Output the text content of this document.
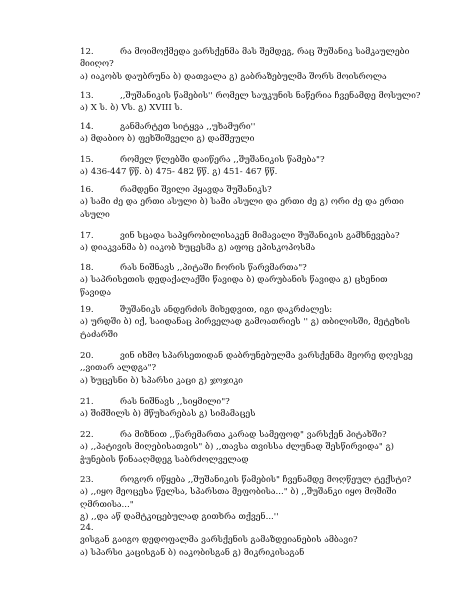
12.	რა მოიმოქმედა ვარსქენმა მას შემდეგ, რაც შუშანიკ სამკაულები
მიიღო?
ა) იაკობს დაუბრუნა ბ) დათვალა გ) გაბრაზებულმა შორს მოისროლა
13.	,,შუშანიკის წამების'' რომელ საუკუნის ნაწერია ჩვენამდე მოსული?
ა) X ს. ბ) Vს. გ) XVIII ს.
14.	განმარტეთ სიტყვა ,,უხამური''
ა) მდაბიო ბ) ფეხშიშველი გ) დამშეული
15.	რომელ წლებში დაიწერა ,,შუშანიკის წამება"?
ა) 436-447 წწ. ბ) 475- 482 წწ. გ) 451- 467 წწ.
16.	რამდენი შვილი ჰყავდა შუშანიკს?
ა) სამი ძე და ერთი ასული ბ) სამი ასული და ერთი ძე გ) ორი ძე და ერთი
ასული
17.	ვინ სცადა საპყრობილისაკენ მიმავალი შუშანიკის გამხნევება?
ა) დიაკვანმა ბ) იაკობ ხუცესმა გ) აფოც ეპისკოპოსმა
18.	რას ნიშნავს ,,პიტაში ჩორის წარვმართა"?
ა) საპრისეთის დედაქალაქში წავიდა ბ) დარუბანის წავიდა გ) ცხენით
წავიდა
19.	შუშანიკს ანდერძის მიხედვით, იგი დაკრძალეს:
ა) ურდში ბ) იქ, საიდანაც პირველად გამოათრიეს '' გ) თბილისში, მეტეხის
ტაძარში
20.	ვინ იხმო სპარსეთიდან დაბრუნებულმა ვარსქენმა მეორე დღესვე
,,ვითარ ალდგა"?
ა) ხუცესნი ბ) სპარსი კაცი გ) ჯოჯიკი
21.	რას ნიშნავს ,,სიყმილი"?
ა) შიმშილს ბ) მწუხარებას გ) სიმამაცეს
22.	რა მიზნით ,,წარემართა კარად სამეფოდ" ვარსქენ პიტახში?
ა) ,,პატივის მიღებისათვის" ბ) ,,თავსა თვისსა ძლუნად შესწირვიდა" გ)
ჭუნების წინააღმდეგ საბრძოლველად
23.	როგორ იწყება ,,შუშანიკის წამების" ჩვენამდე მოღწეულ ტექსტი?
ა) ,,იყო მეოცესა წელსა, სპარსთა მეფობისა..." ბ) ,,შუშანკი იყო მოშიში
ღმრთისა..."
გ) ,,და აწ დამტკიცებულად გითხრა თქვენ...''
24.
ვისგან გაიგო დედოფალმა ვარსქენის გამაზდეიანების ამბავი?
ა) სპარსი კაცისგან ბ) იაკობისგან გ) მიკრიკისაგან
